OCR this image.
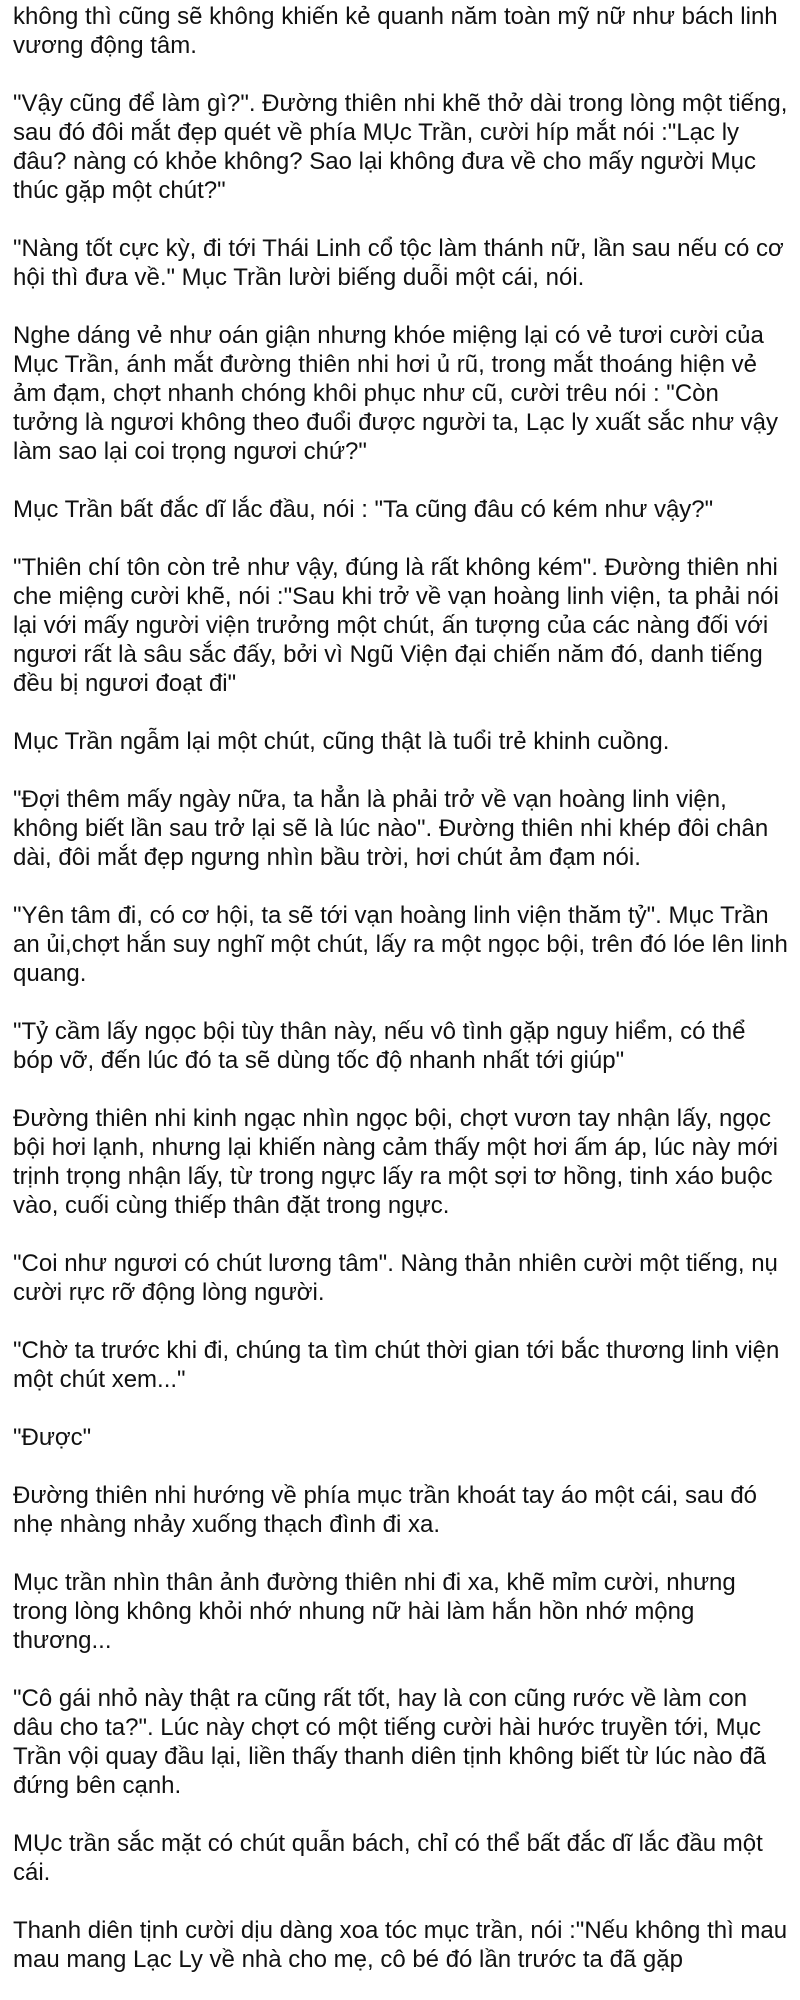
không thì cũng sẽ không khiến kẻ quanh năm toàn mỹ nữ như bách linh vương động tâm.

"Vậy cũng để làm gì?". Đường thiên nhi khẽ thở dài trong lòng một tiếng, sau đó đôi mắt đẹp quét về phía MỤc Trần, cười híp mắt nói :"Lạc ly đâu? nàng có khỏe không? Sao lại không đưa về cho mấy người Mục thúc gặp một chút?"

"Nàng tốt cực kỳ, đi tới Thái Linh cổ tộc làm thánh nữ, lần sau nếu có cơ hội thì đưa về." Mục Trần lười biếng duỗi một cái, nói.

Nghe dáng vẻ như oán giận nhưng khóe miệng lại có vẻ tươi cười của Mục Trần, ánh mắt đường thiên nhi hơi ủ rũ, trong mắt thoáng hiện vẻ ảm đạm, chợt nhanh chóng khôi phục như cũ, cười trêu nói : "Còn tưởng là ngươi không theo đuổi được người ta, Lạc ly xuất sắc như vậy làm sao lại coi trọng ngươi chứ?"

Mục Trần bất đắc dĩ lắc đầu, nói : "Ta cũng đâu có kém như vậy?"

"Thiên chí tôn còn trẻ như vậy, đúng là rất không kém". Đường thiên nhi che miệng cười khẽ, nói :"Sau khi trở về vạn hoàng linh viện, ta phải nói lại với mấy người viện trưởng một chút, ấn tượng của các nàng đối với ngươi rất là sâu sắc đấy, bởi vì Ngũ Viện đại chiến năm đó, danh tiếng đều bị ngươi đoạt đi"

Mục Trần ngẫm lại một chút, cũng thật là tuổi trẻ khinh cuồng.

"Đợi thêm mấy ngày nữa, ta hẳn là phải trở về vạn hoàng linh viện, không biết lần sau trở lại sẽ là lúc nào". Đường thiên nhi khép đôi chân dài, đôi mắt đẹp ngưng nhìn bầu trời, hơi chút ảm đạm nói.

"Yên tâm đi, có cơ hội, ta sẽ tới vạn hoàng linh viện thăm tỷ". Mục Trần an ủi,chợt hắn suy nghĩ một chút, lấy ra một ngọc bội, trên đó lóe lên linh quang.

"Tỷ cầm lấy ngọc bội tùy thân này, nếu vô tình gặp nguy hiểm, có thể bóp vỡ, đến lúc đó ta sẽ dùng tốc độ nhanh nhất tới giúp"

Đường thiên nhi kinh ngạc nhìn ngọc bội, chợt vươn tay nhận lấy, ngọc bội hơi lạnh, nhưng lại khiến nàng cảm thấy một hơi ấm áp, lúc này mới trịnh trọng nhận lấy, từ trong ngực lấy ra một sợi tơ hồng, tinh xáo buộc vào, cuối cùng thiếp thân đặt trong ngực.

"Coi như ngươi có chút lương tâm". Nàng thản nhiên cười một tiếng, nụ cười rực rỡ động lòng người.

"Chờ ta trước khi đi, chúng ta tìm chút thời gian tới bắc thương linh viện một chút xem..."

"Được"

Đường thiên nhi hướng về phía mục trần khoát tay áo một cái, sau đó nhẹ nhàng nhảy xuống thạch đình đi xa.

Mục trần nhìn thân ảnh đường thiên nhi đi xa, khẽ mỉm cười, nhưng trong lòng không khỏi nhớ nhung nữ hài làm hắn hồn nhớ mộng thương...

"Cô gái nhỏ này thật ra cũng rất tốt, hay là con cũng rước về làm con dâu cho ta?". Lúc này chợt có một tiếng cười hài hước truyền tới, Mục Trần vội quay đầu lại, liền thấy thanh diên tịnh không biết từ lúc nào đã đứng bên cạnh.

MỤc trần sắc mặt có chút quẫn bách, chỉ có thể bất đắc dĩ lắc đầu một cái.

Thanh diên tịnh cười dịu dàng xoa tóc mục trần, nói :"Nếu không thì mau mau mang Lạc Ly về nhà cho mẹ, cô bé đó lần trước ta đã gặp
